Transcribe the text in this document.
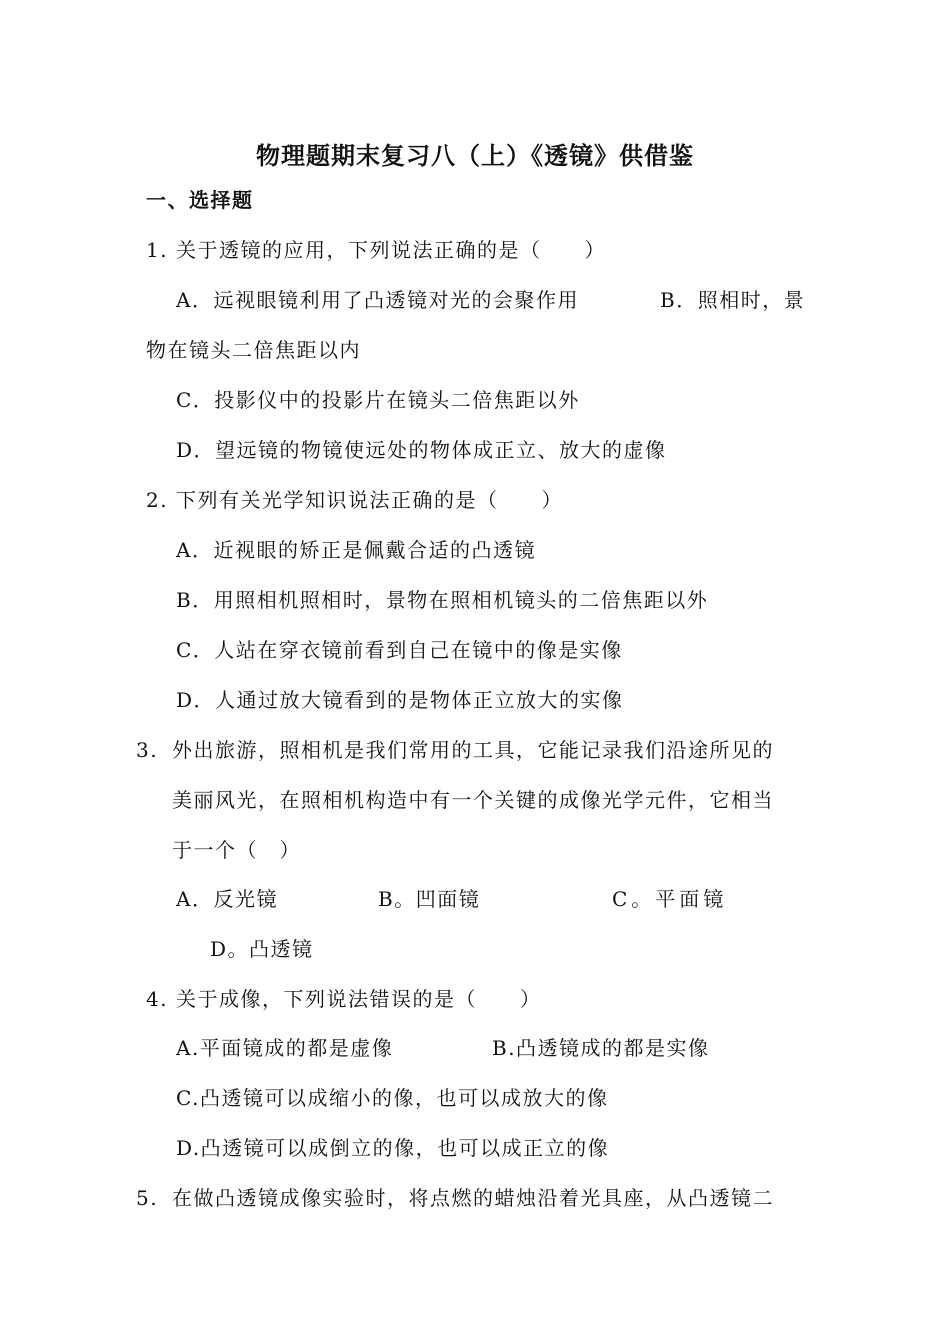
物理题期末复习八（上）《透镜》供借鉴
一、选择题
1. 关于透镜的应用，下列说法正确的是（　　）
A．远视眼镜利用了凸透镜对光的会聚作用	B．照相时，景
物在镜头二倍焦距以内
C．投影仪中的投影片在镜头二倍焦距以外
D．望远镜的物镜使远处的物体成正立、放大的虚像
2. 下列有关光学知识说法正确的是（　　）
A．近视眼的矫正是佩戴合适的凸透镜
B．用照相机照相时，景物在照相机镜头的二倍焦距以外
C．人站在穿衣镜前看到自己在镜中的像是实像
D．人通过放大镜看到的是物体正立放大的实像
3. 外出旅游，照相机是我们常用的工具，它能记录我们沿途所见的
美丽风光，在照相机构造中有一个关键的成像光学元件，它相当
于一个（　）
A．反光镜	B。凹面镜	C。平面镜
D。凸透镜
4. 关于成像，下列说法错误的是（　　）
A.平面镜成的都是虚像	B.凸透镜成的都是实像
C.凸透镜可以成缩小的像，也可以成放大的像
D.凸透镜可以成倒立的像，也可以成正立的像
5. 在做凸透镜成像实验时，将点燃的蜡烛沿着光具座，从凸透镜二
